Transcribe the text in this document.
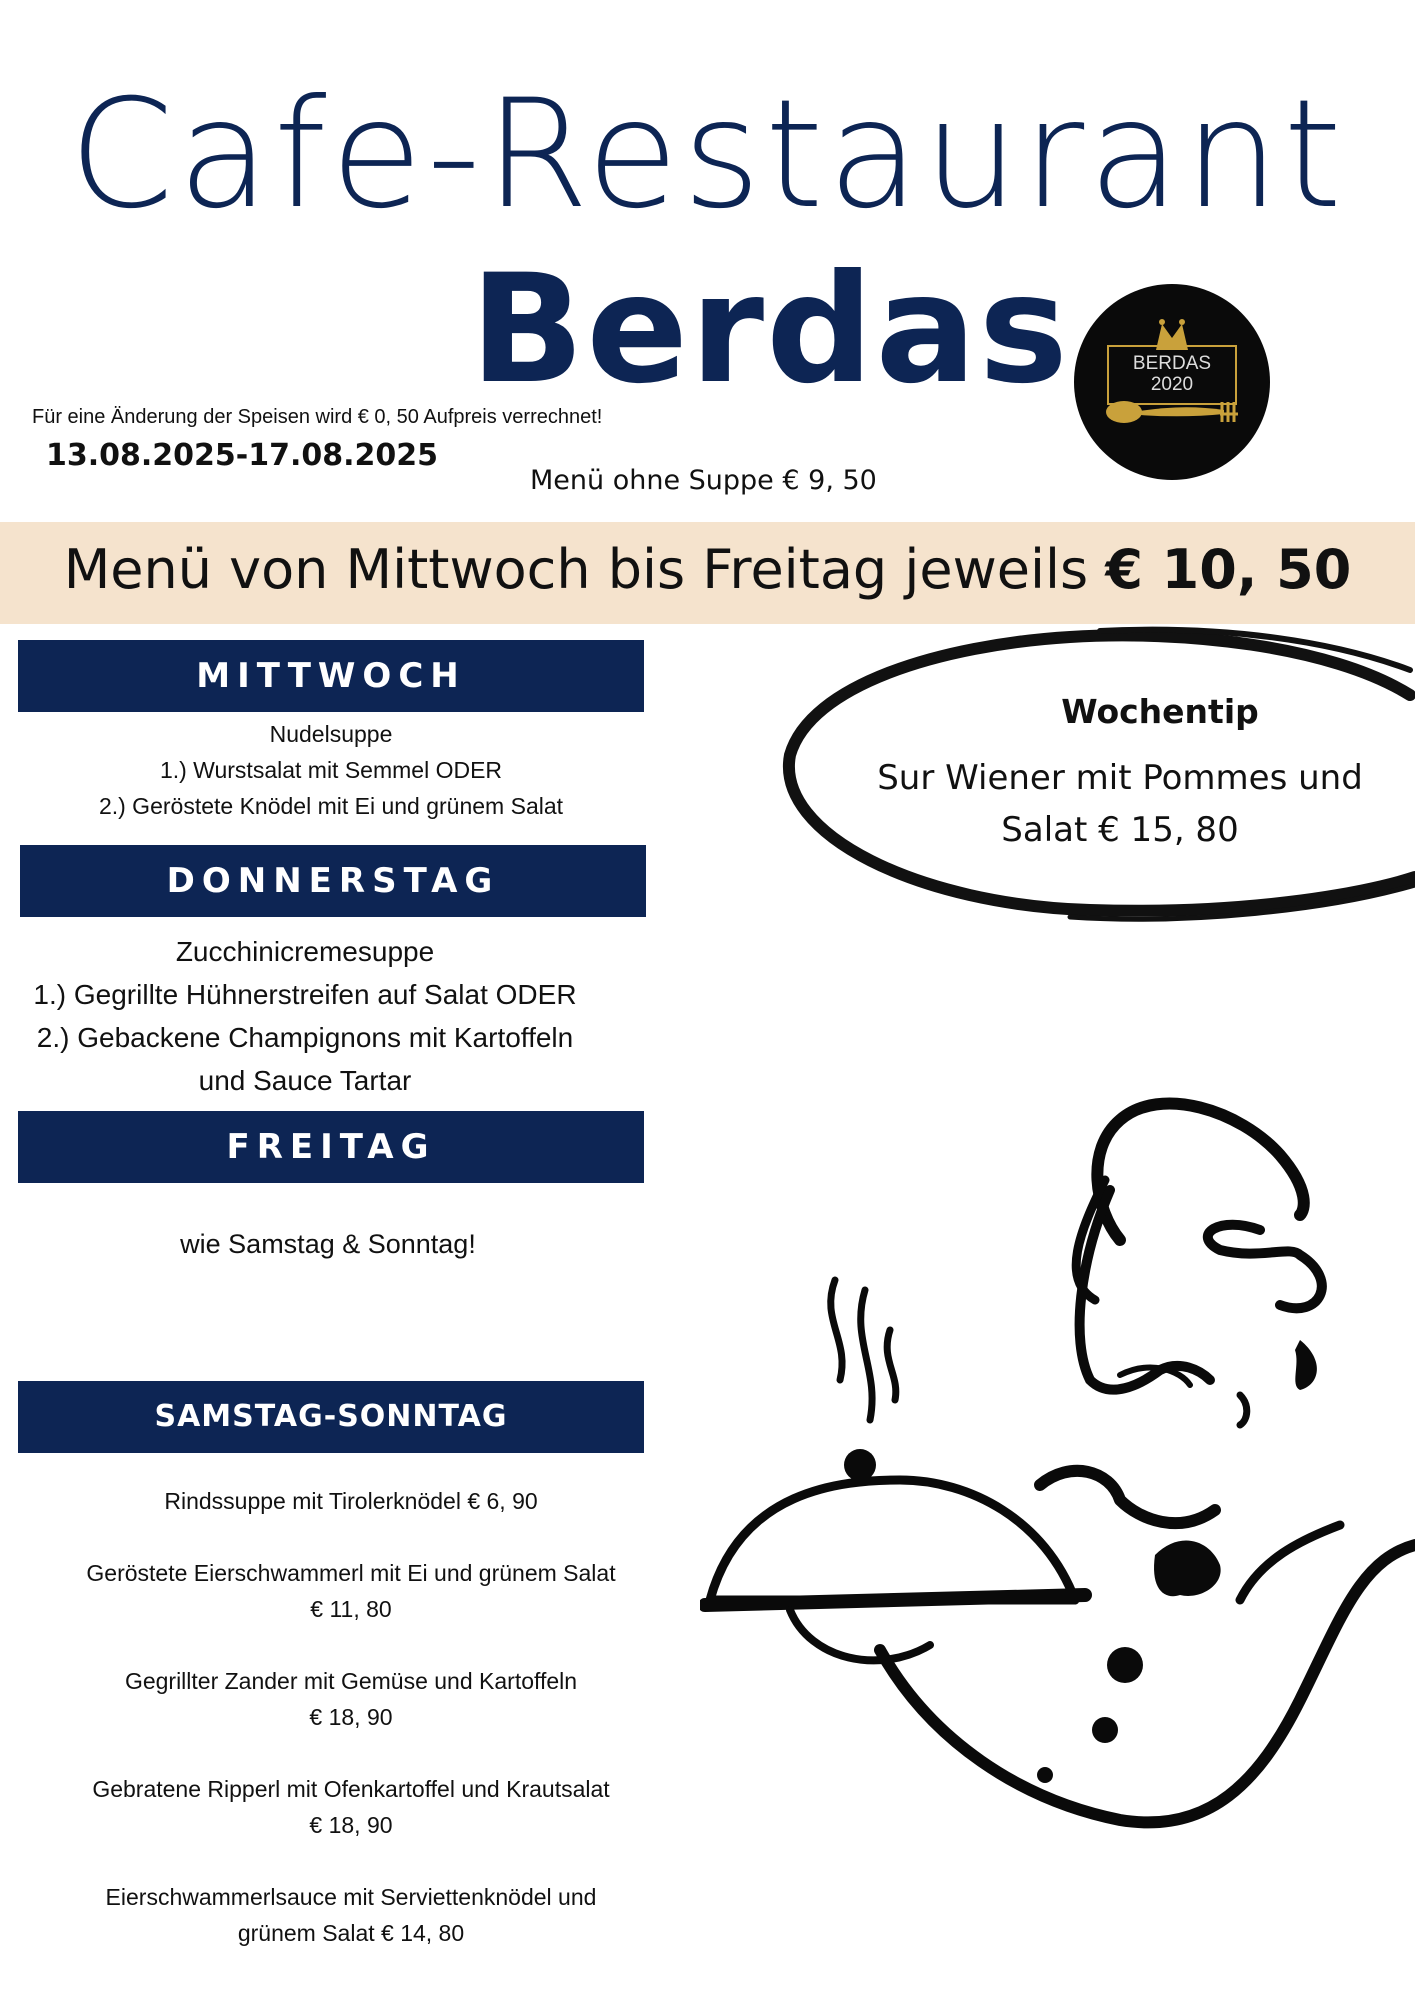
Cafe-Restaurant
Berdas	BERDAS
2020
Für eine Änderung der Speisen wird € 0, 50 Aufpreis verrechnet!
13.08.2025-17.08.2025
Menü ohne Suppe € 9, 50
Menü von Mittwoch bis Freitag jeweils € 10, 50
Wochentip
Sur Wiener mit Pommes und
Salat € 15, 80
MITTWOCH
Nudelsuppe
1.) Wurstsalat mit Semmel ODER
2.) Geröstete Knödel mit Ei und grünem Salat
DONNERSTAG
Zucchinicremesuppe
1.) Gegrillte Hühnerstreifen auf Salat ODER
2.) Gebackene Champignons mit Kartoffeln
und Sauce Tartar
FREITAG
wie Samstag & Sonntag!
SAMSTAG-SONNTAG
Rindssuppe mit Tirolerknödel € 6, 90
Geröstete Eierschwammerl mit Ei und grünem Salat
€ 11, 80
Gegrillter Zander mit Gemüse und Kartoffeln
€ 18, 90
Gebratene Ripperl mit Ofenkartoffel und Krautsalat
€ 18, 90
Eierschwammerlsauce mit Serviettenknödel und
grünem Salat € 14, 80
